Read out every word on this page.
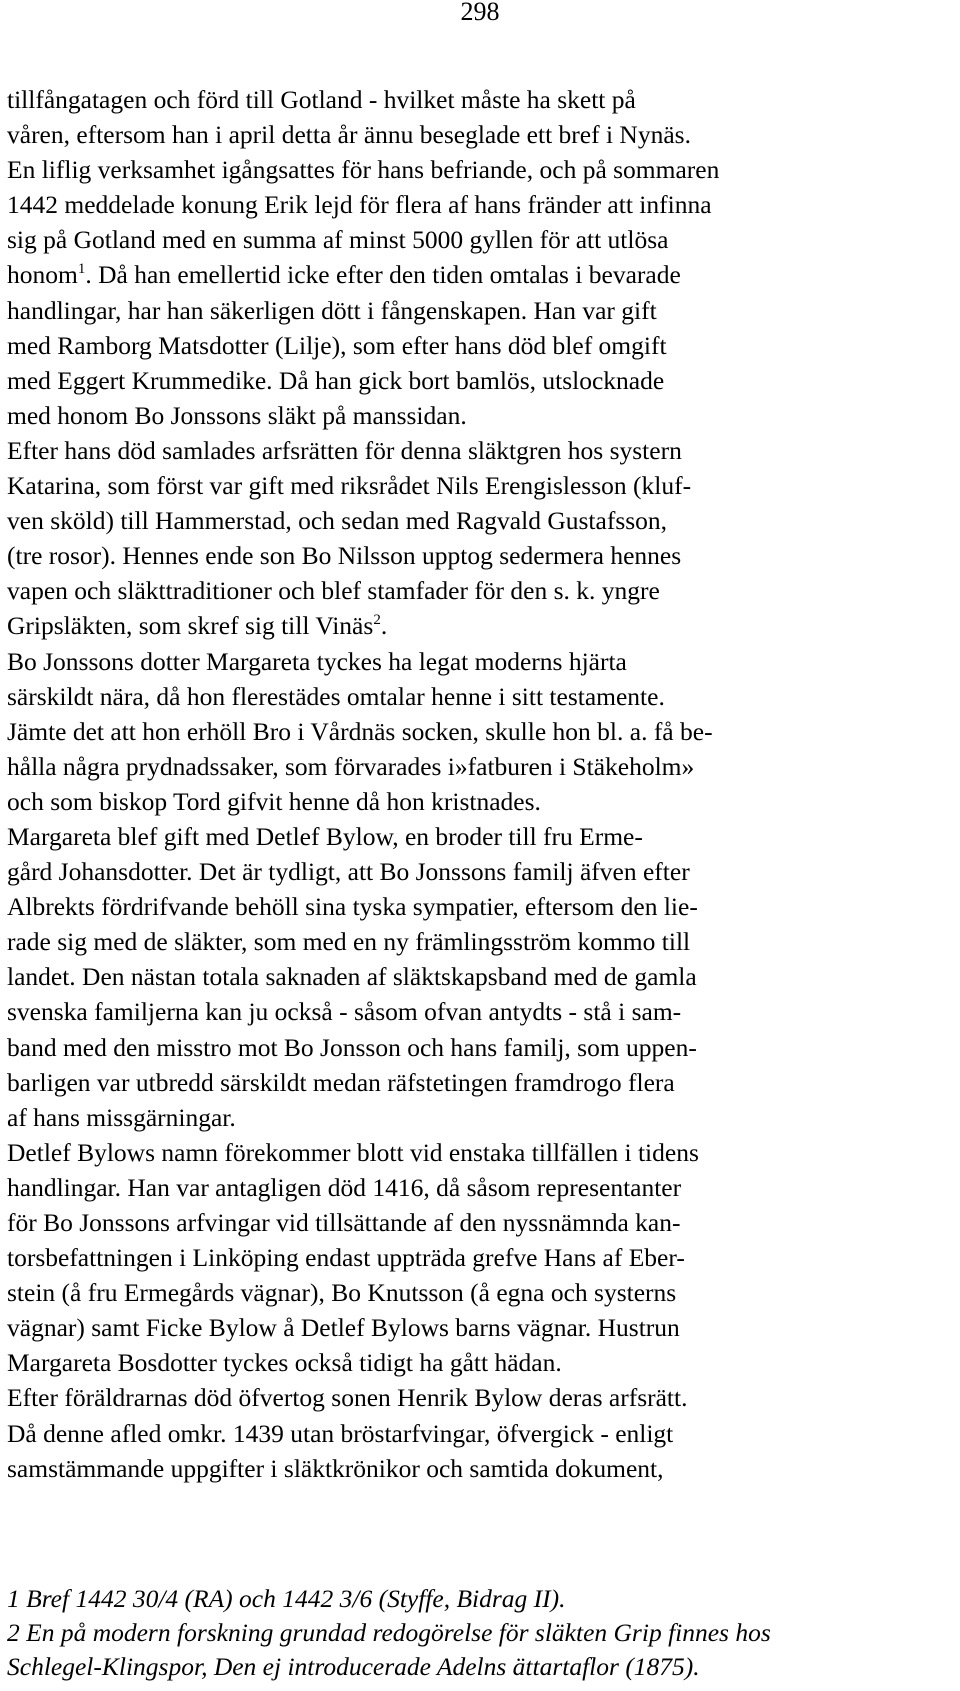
298
tillfångatagen och förd till Gotland - hvilket måste ha skett på
våren, eftersom han i april detta år ännu beseglade ett bref i Nynäs.
En liflig verksamhet igångsattes för hans befriande, och på sommaren
1442 meddelade konung Erik lejd för flera af hans fränder att infinna
sig på Gotland med en summa af minst 5000 gyllen för att utlösa
honom$^1$. Då han emellertid icke efter den tiden omtalas i bevarade
handlingar, har han säkerligen dött i fångenskapen. Han var gift
med Ramborg Matsdotter (Lilje), som efter hans död blef omgift
med Eggert Krummedike. Då han gick bort bamlös, utslocknade
med honom Bo Jonssons släkt på manssidan.
Efter hans död samlades arfsrätten för denna släktgren hos systern
Katarina, som först var gift med riksrådet Nils Erengislesson (kluf-
ven sköld) till Hammerstad, och sedan med Ragvald Gustafsson,
(tre rosor). Hennes ende son Bo Nilsson upptog sedermera hennes
vapen och släkttraditioner och blef stamfader för den s. k. yngre
Gripsläkten, som skref sig till Vinäs$^2$.
Bo Jonssons dotter Margareta tyckes ha legat moderns hjärta
särskildt nära, då hon flerestädes omtalar henne i sitt testamente.
Jämte det att hon erhöll Bro i Vårdnäs socken, skulle hon bl. a. få be-
hålla några prydnadssaker, som förvarades i»fatburen i Stäkeholm»
och som biskop Tord gifvit henne då hon kristnades.
Margareta blef gift med Detlef Bylow, en broder till fru Erme-
gård Johansdotter. Det är tydligt, att Bo Jonssons familj äfven efter
Albrekts fördrifvande behöll sina tyska sympatier, eftersom den lie-
rade sig med de släkter, som med en ny främlingsström kommo till
landet. Den nästan totala saknaden af släktskapsband med de gamla
svenska familjerna kan ju också - såsom ofvan antydts - stå i sam-
band med den misstro mot Bo Jonsson och hans familj, som uppen-
barligen var utbredd särskildt medan räfstetingen framdrogo flera
af hans missgärningar.
Detlef Bylows namn förekommer blott vid enstaka tillfällen i tidens
handlingar. Han var antagligen död 1416, då såsom representanter
för Bo Jonssons arfvingar vid tillsättande af den nyssnämnda kan-
torsbefattningen i Linköping endast uppträda grefve Hans af Eber-
stein (å fru Ermegårds vägnar), Bo Knutsson (å egna och systerns
vägnar) samt Ficke Bylow å Detlef Bylows barns vägnar. Hustrun
Margareta Bosdotter tyckes också tidigt ha gått hädan.
Efter föräldrarnas död öfvertog sonen Henrik Bylow deras arfsrätt.
Då denne afled omkr. 1439 utan bröstarfvingar, öfvergick - enligt
samstämmande uppgifter i släktkrönikor och samtida dokument,
1 Bref 1442 30/4 (RA) och 1442 3/6 (Styffe, Bidrag II).
2 En på modern forskning grundad redogörelse för släkten Grip finnes hos
Schlegel-Klingspor, Den ej introducerade Adelns ättartaflor (1875).
